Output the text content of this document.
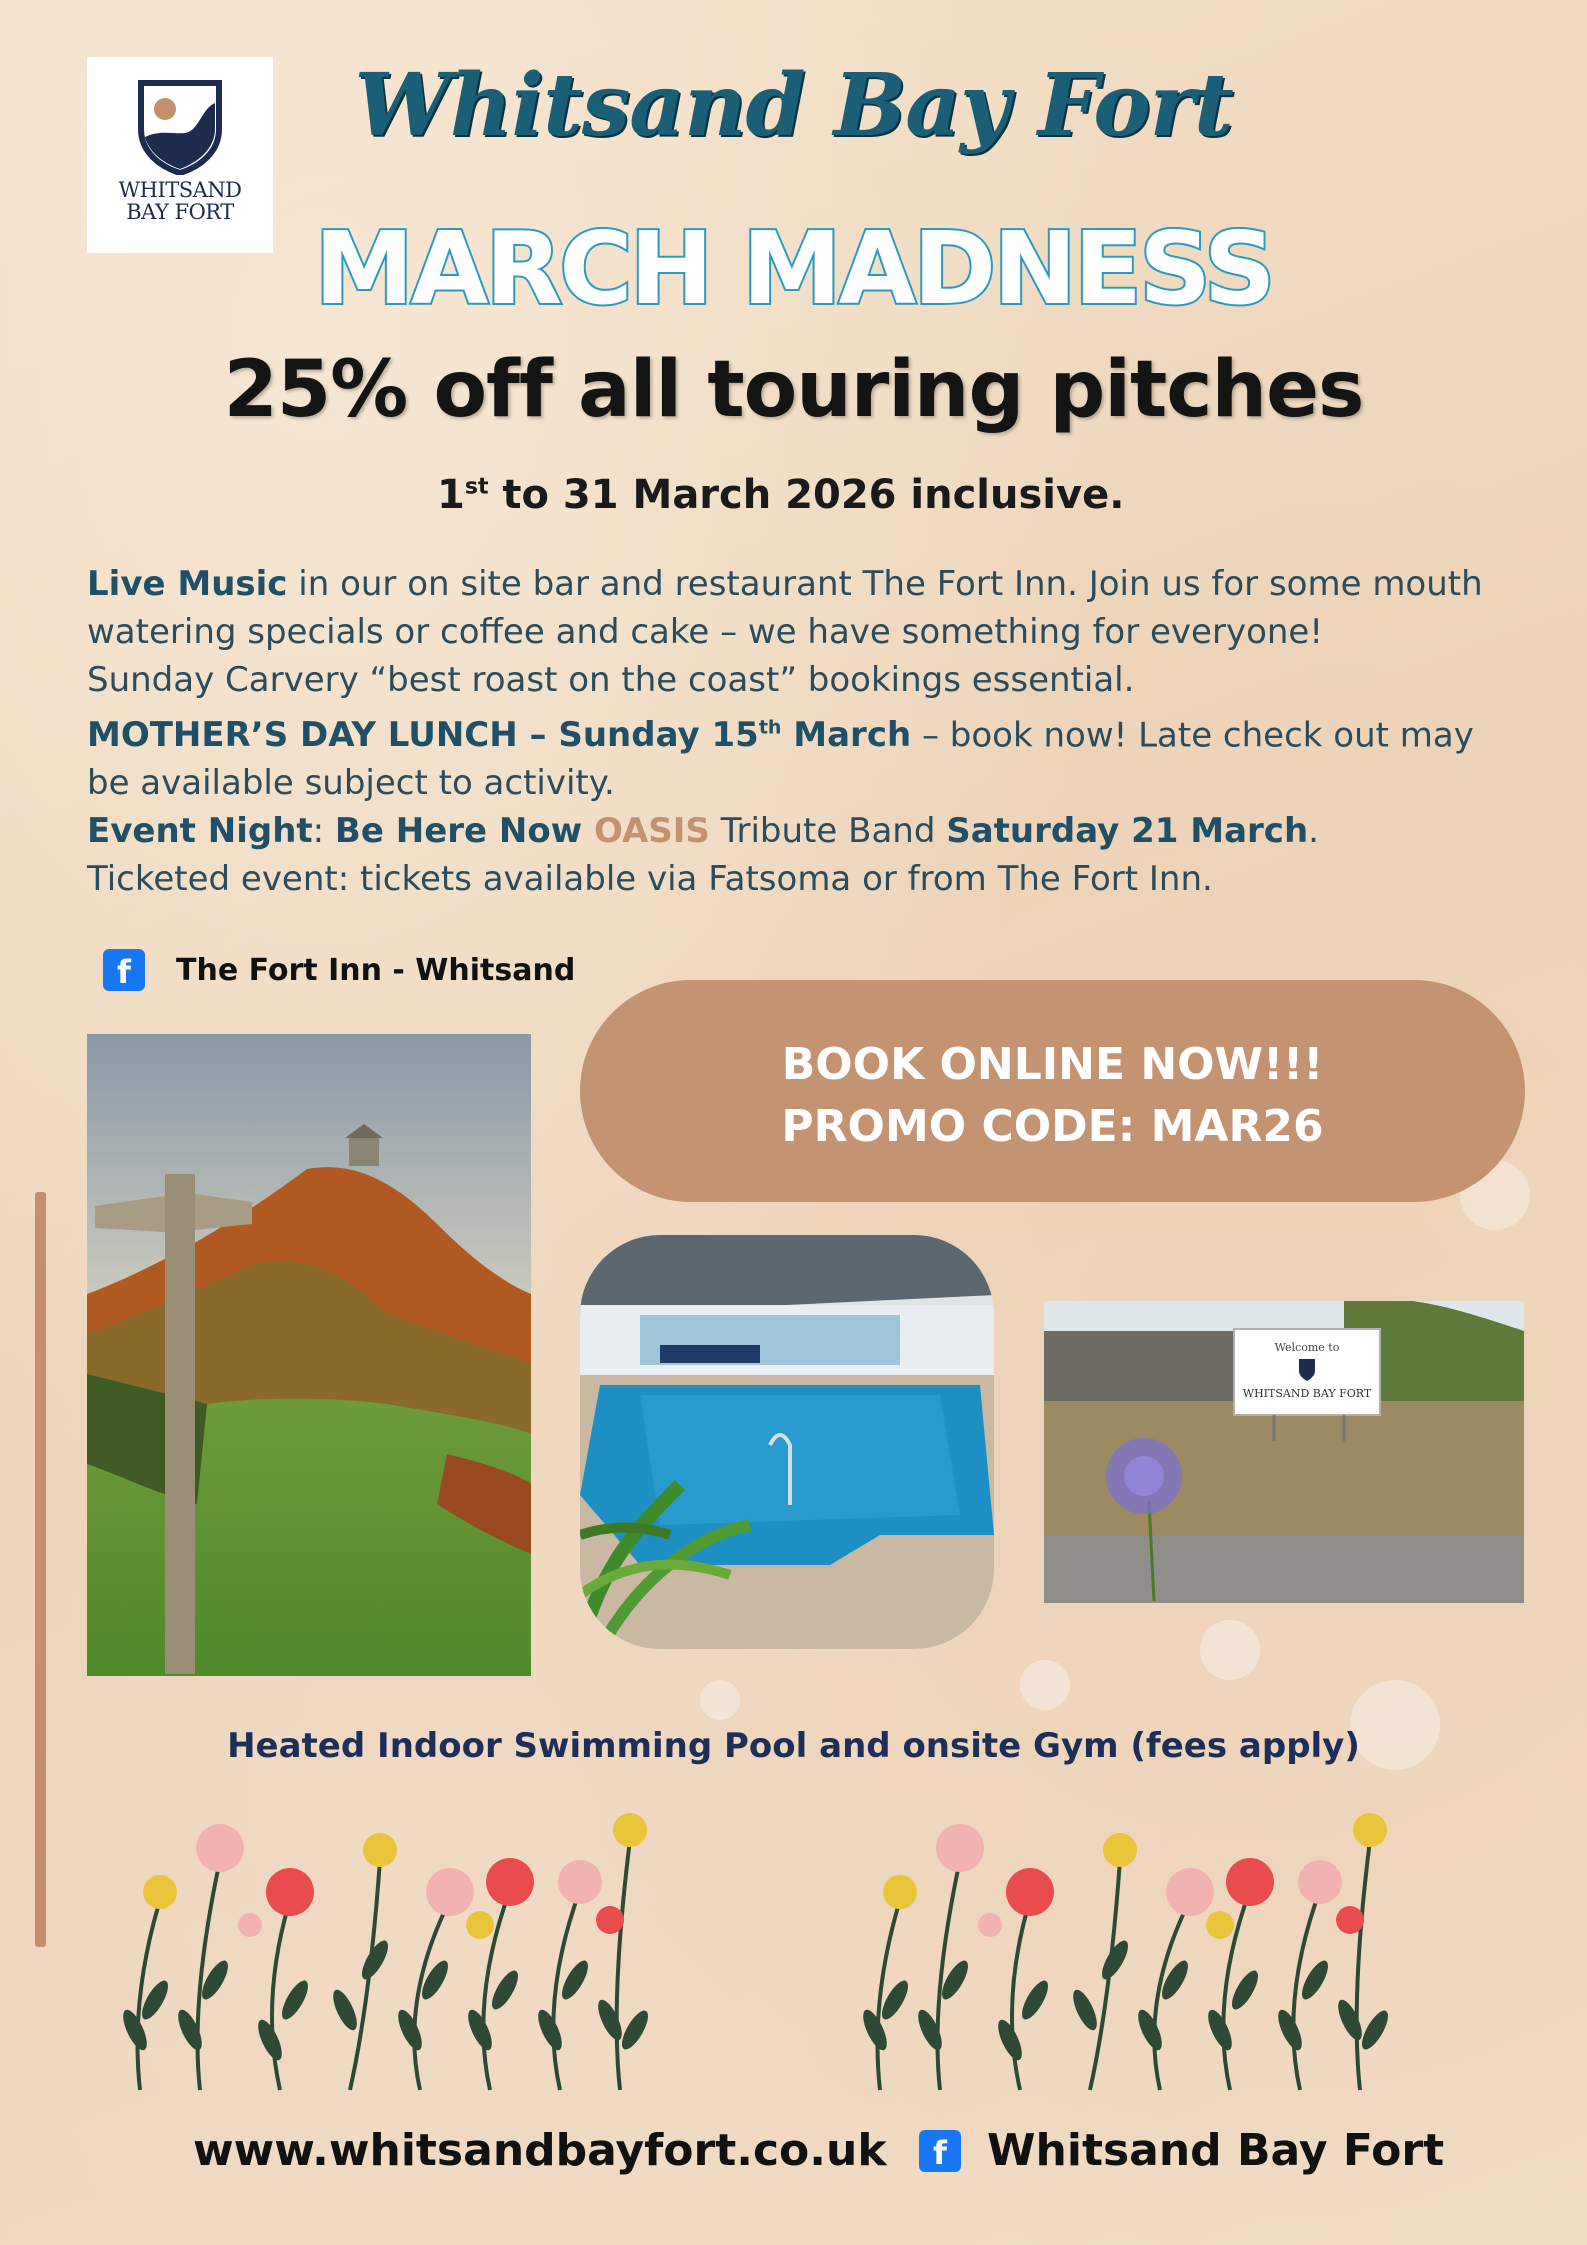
WHITSAND
BAY FORT
Whitsand Bay Fort
MARCH MADNESS
25% off all touring pitches
1st to 31 March 2026 inclusive.

Live Music in our on site bar and restaurant The Fort Inn. Join us for some mouth watering specials or coffee and cake – we have something for everyone!

Sunday Carvery “best roast on the coast” bookings essential.

MOTHER’S DAY LUNCH – Sunday 15th March – book now! Late check out may be available subject to activity.

Event Night: Be Here Now OASIS Tribute Band Saturday 21 March.

Ticketed event: tickets available via Fatsoma or from The Fort Inn.

f	The Fort Inn - Whitsand
BOOK ONLINE NOW!!!
PROMO CODE: MAR26
Welcome to
WHITSAND BAY FORT
Heated Indoor Swimming Pool and onsite Gym (fees apply)
www.whitsandbayfort.co.uk	f Whitsand Bay Fort
